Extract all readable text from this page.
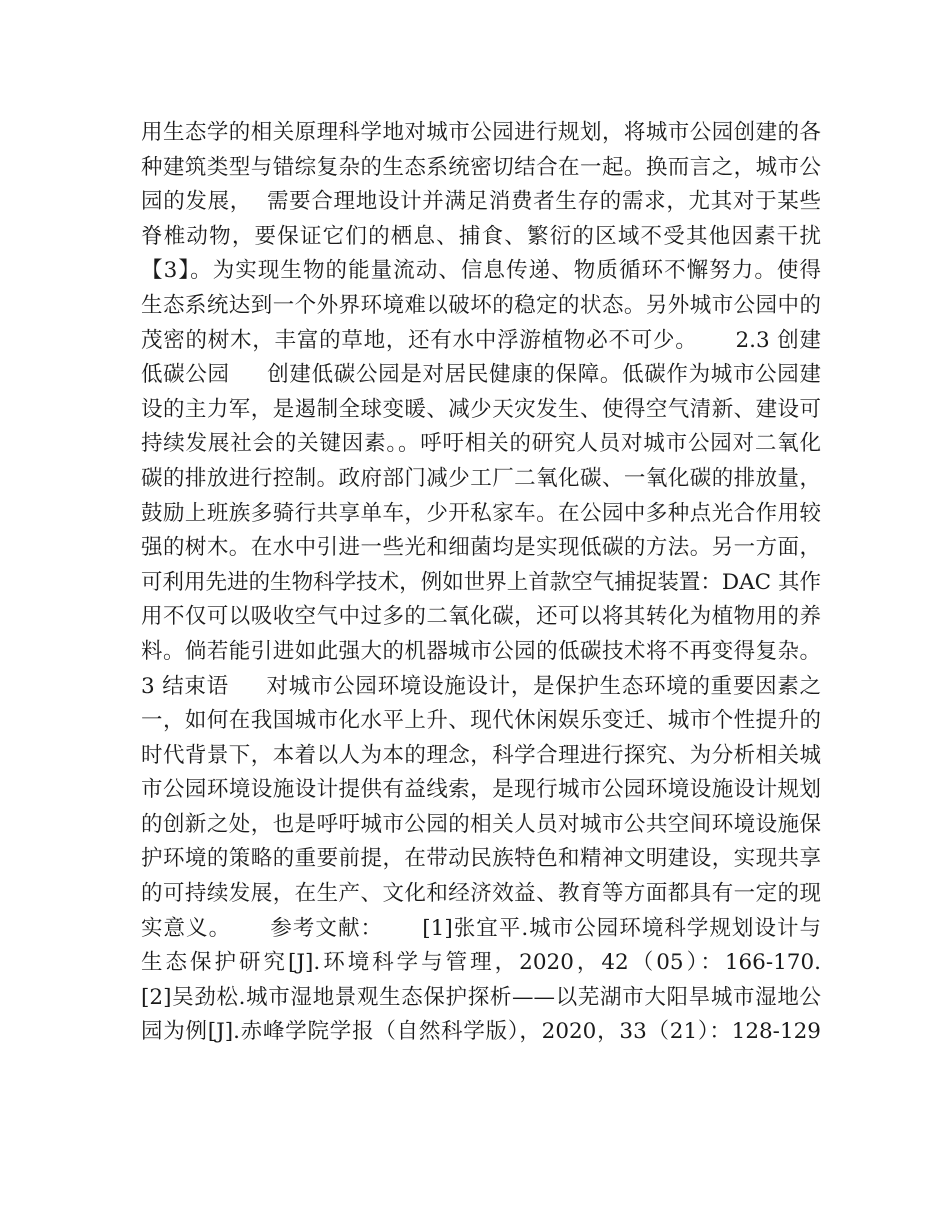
用生态学的相关原理科学地对城市公园进行规划，将城市公园创建的各
种建筑类型与错综复杂的生态系统密切结合在一起。换而言之，城市公
园的发展，  需要合理地设计并满足消费者生存的需求，尤其对于某些
脊椎动物，要保证它们的栖息、捕食、繁衍的区域不受其他因素干扰
【3】。为实现生物的能量流动、信息传递、物质循环不懈努力。使得
生态系统达到一个外界环境难以破坏的稳定的状态。另外城市公园中的
茂密的树木，丰富的草地，还有水中浮游植物必不可少。     2.3 创建
低碳公园     创建低碳公园是对居民健康的保障。低碳作为城市公园建
设的主力军，是遏制全球变暖、减少天灾发生、使得空气清新、建设可
持续发展社会的关键因素。。呼吁相关的研究人员对城市公园对二氧化
碳的排放进行控制。政府部门减少工厂二氧化碳、一氧化碳的排放量，
鼓励上班族多骑行共享单车，少开私家车。在公园中多种点光合作用较
强的树木。在水中引进一些光和细菌均是实现低碳的方法。另一方面，
可利用先进的生物科学技术，例如世界上首款空气捕捉装置：DAC 其作
用不仅可以吸收空气中过多的二氧化碳，还可以将其转化为植物用的养
料。倘若能引进如此强大的机器城市公园的低碳技术将不再变得复杂。
3 结束语     对城市公园环境设施设计，是保护生态环境的重要因素之
一，如何在我国城市化水平上升、现代休闲娱乐变迁、城市个性提升的
时代背景下，本着以人为本的理念，科学合理进行探究、为分析相关城
市公园环境设施设计提供有益线索，是现行城市公园环境设施设计规划
的创新之处，也是呼吁城市公园的相关人员对城市公共空间环境设施保
护环境的策略的重要前提，在带动民族特色和精神文明建设，实现共享
的可持续发展，在生产、文化和经济效益、教育等方面都具有一定的现
实意义。     参考文献：     [1]张宜平.城市公园环境科学规划设计与
生态保护研究[J].环境科学与管理，2020，42（05）：166-170.
[2]吴劲松.城市湿地景观生态保护探析——以芜湖市大阳旱城市湿地公
园为例[J].赤峰学院学报（自然科学版），2020，33（21）：128-129
